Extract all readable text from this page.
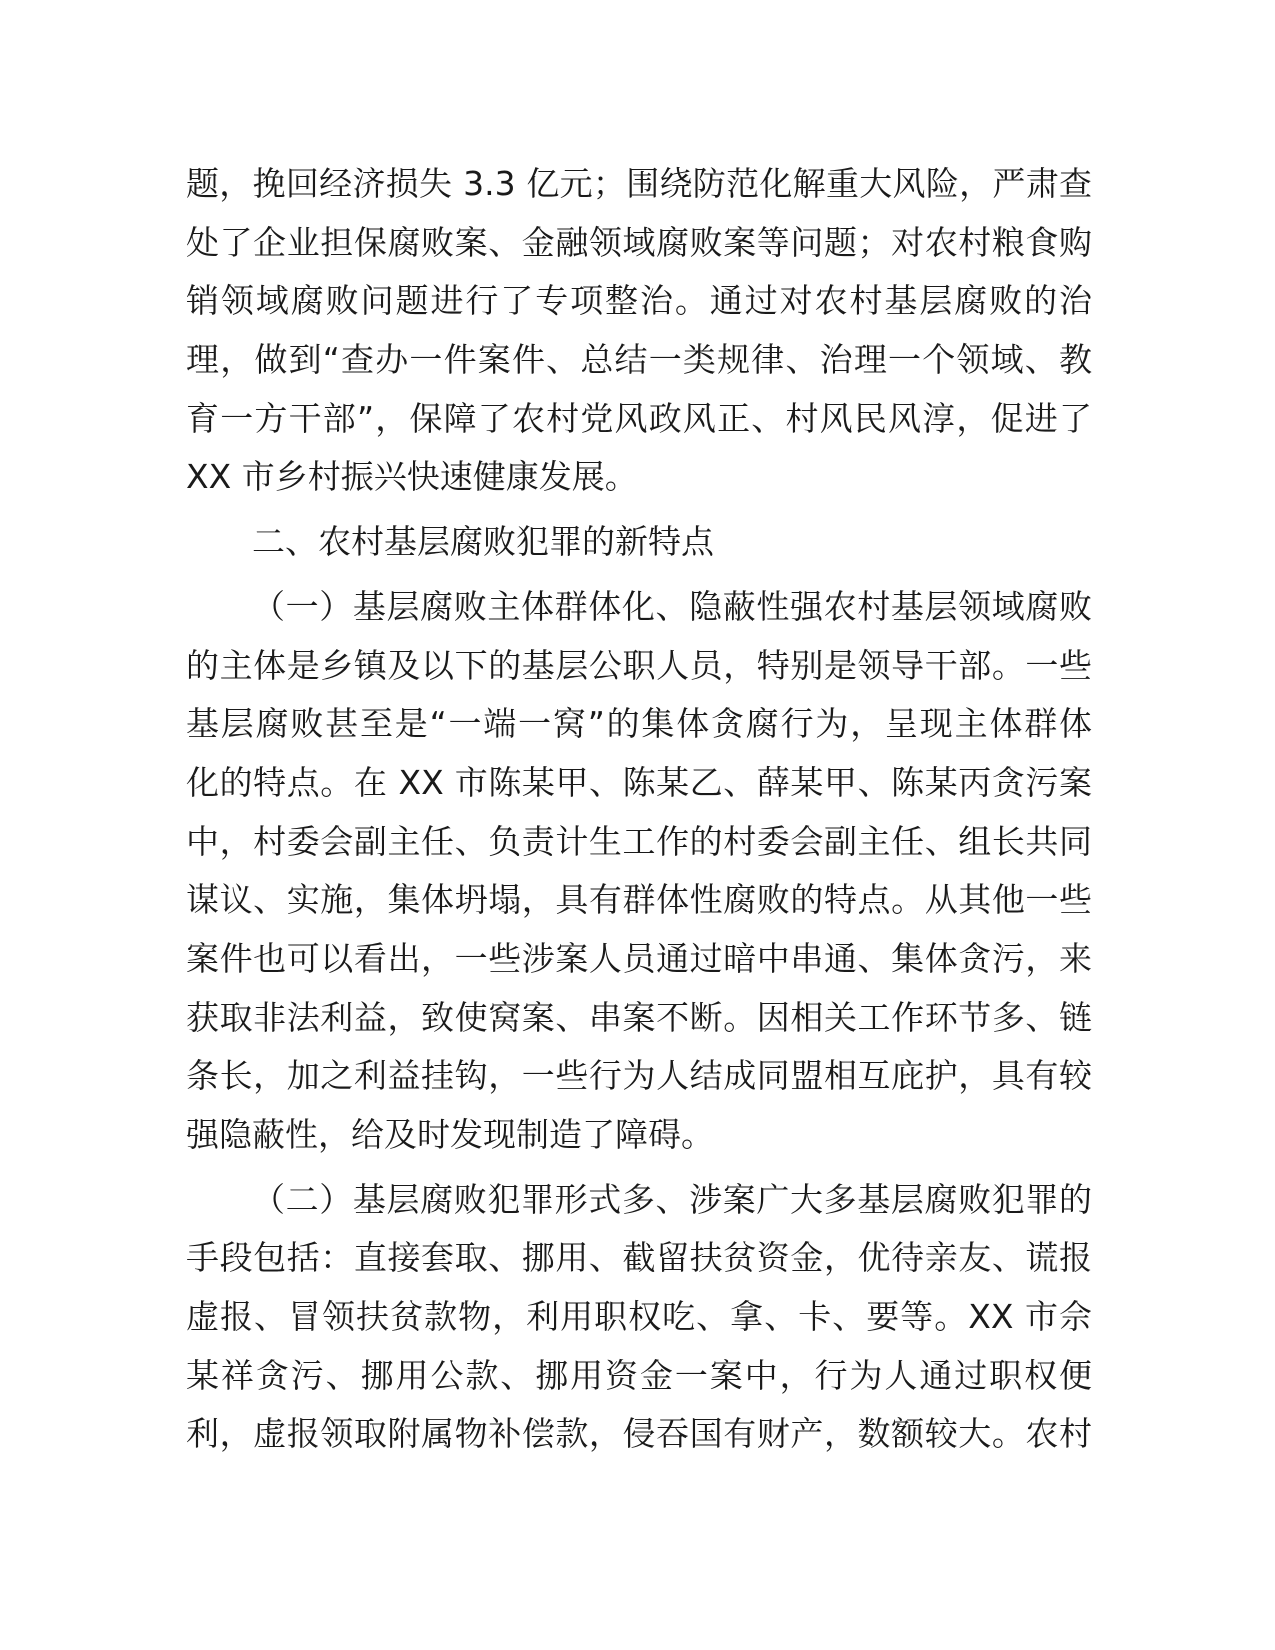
题，挽回经济损失 3.3 亿元；围绕防范化解重大风险，严肃查
处了企业担保腐败案、金融领域腐败案等问题；对农村粮食购
销领域腐败问题进行了专项整治。通过对农村基层腐败的治
理，做到“查办一件案件、总结一类规律、治理一个领域、教
育一方干部”，保障了农村党风政风正、村风民风淳，促进了
XX 市乡村振兴快速健康发展。
二、农村基层腐败犯罪的新特点
（一）基层腐败主体群体化、隐蔽性强农村基层领域腐败
的主体是乡镇及以下的基层公职人员，特别是领导干部。一些
基层腐败甚至是“一端一窝”的集体贪腐行为，呈现主体群体
化的特点。在 XX 市陈某甲、陈某乙、薛某甲、陈某丙贪污案
中，村委会副主任、负责计生工作的村委会副主任、组长共同
谋议、实施，集体坍塌，具有群体性腐败的特点。从其他一些
案件也可以看出，一些涉案人员通过暗中串通、集体贪污，来
获取非法利益，致使窝案、串案不断。因相关工作环节多、链
条长，加之利益挂钩，一些行为人结成同盟相互庇护，具有较
强隐蔽性，给及时发现制造了障碍。
（二）基层腐败犯罪形式多、涉案广大多基层腐败犯罪的
手段包括：直接套取、挪用、截留扶贫资金，优待亲友、谎报
虚报、冒领扶贫款物，利用职权吃、拿、卡、要等。XX 市佘
某祥贪污、挪用公款、挪用资金一案中，行为人通过职权便
利，虚报领取附属物补偿款，侵吞国有财产，数额较大。农村
